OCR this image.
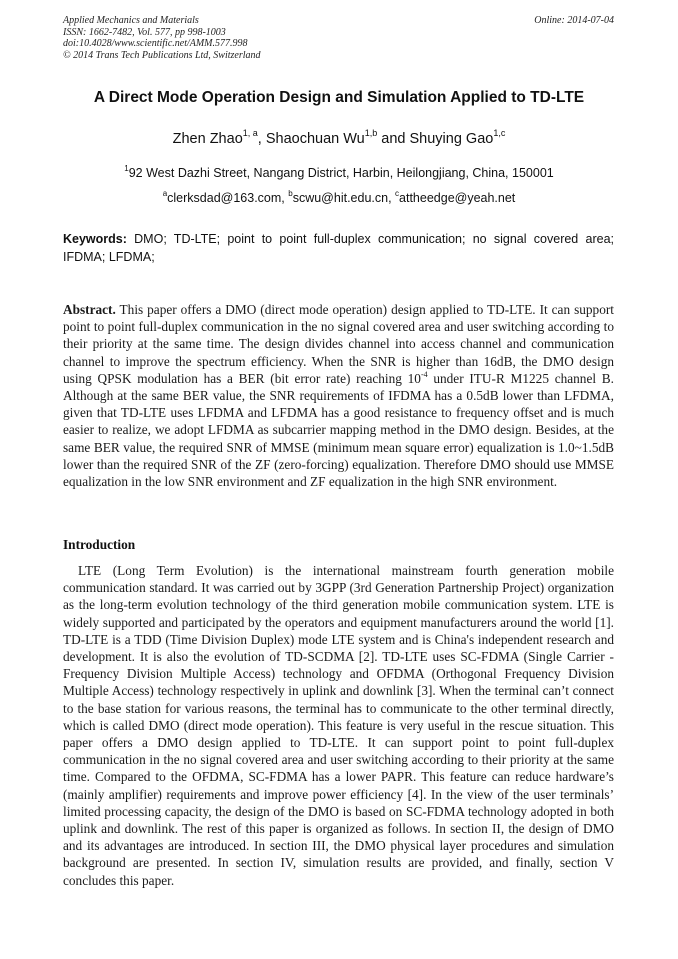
Applied Mechanics and Materials
ISSN: 1662-7482, Vol. 577, pp 998-1003
doi:10.4028/www.scientific.net/AMM.577.998
© 2014 Trans Tech Publications Ltd, Switzerland
Online: 2014-07-04
A Direct Mode Operation Design and Simulation Applied to TD-LTE
Zhen Zhao$^{1, a}$, Shaochuan Wu$^{1,b}$ and Shuying Gao$^{1,c}$
$^1$92 West Dazhi Street, Nangang District, Harbin, Heilongjiang, China, 150001
$^a$clerksdad@163.com, $^b$scwu@hit.edu.cn, $^c$attheedge@yeah.net
Keywords: DMO; TD-LTE; point to point full-duplex communication; no signal covered area; IFDMA; LFDMA;
Abstract. This paper offers a DMO (direct mode operation) design applied to TD-LTE. It can support point to point full-duplex communication in the no signal covered area and user switching according to their priority at the same time. The design divides channel into access channel and communication channel to improve the spectrum efficiency. When the SNR is higher than 16dB, the DMO design using QPSK modulation has a BER (bit error rate) reaching $10^{-4}$ under ITU-R M1225 channel B. Although at the same BER value, the SNR requirements of IFDMA has a 0.5dB lower than LFDMA, given that TD-LTE uses LFDMA and LFDMA has a good resistance to frequency offset and is much easier to realize, we adopt LFDMA as subcarrier mapping method in the DMO design. Besides, at the same BER value, the required SNR of MMSE (minimum mean square error) equalization is 1.0~1.5dB lower than the required SNR of the ZF (zero-forcing) equalization. Therefore DMO should use MMSE equalization in the low SNR environment and ZF equalization in the high SNR environment.
Introduction
LTE (Long Term Evolution) is the international mainstream fourth generation mobile communication standard. It was carried out by 3GPP (3rd Generation Partnership Project) organization as the long-term evolution technology of the third generation mobile communication system. LTE is widely supported and participated by the operators and equipment manufacturers around the world [1]. TD-LTE is a TDD (Time Division Duplex) mode LTE system and is China's independent research and development. It is also the evolution of TD-SCDMA [2]. TD-LTE uses SC-FDMA (Single Carrier - Frequency Division Multiple Access) technology and OFDMA (Orthogonal Frequency Division Multiple Access) technology respectively in uplink and downlink [3]. When the terminal can’t connect to the base station for various reasons, the terminal has to communicate to the other terminal directly, which is called DMO (direct mode operation). This feature is very useful in the rescue situation. This paper offers a DMO design applied to TD-LTE. It can support point to point full-duplex communication in the no signal covered area and user switching according to their priority at the same time. Compared to the OFDMA, SC-FDMA has a lower PAPR. This feature can reduce hardware’s (mainly amplifier) requirements and improve power efficiency [4]. In the view of the user terminals’ limited processing capacity, the design of the DMO is based on SC-FDMA technology adopted in both uplink and downlink. The rest of this paper is organized as follows. In section II, the design of DMO and its advantages are introduced. In section III, the DMO physical layer procedures and simulation background are presented. In section IV, simulation results are provided, and finally, section V concludes this paper.
